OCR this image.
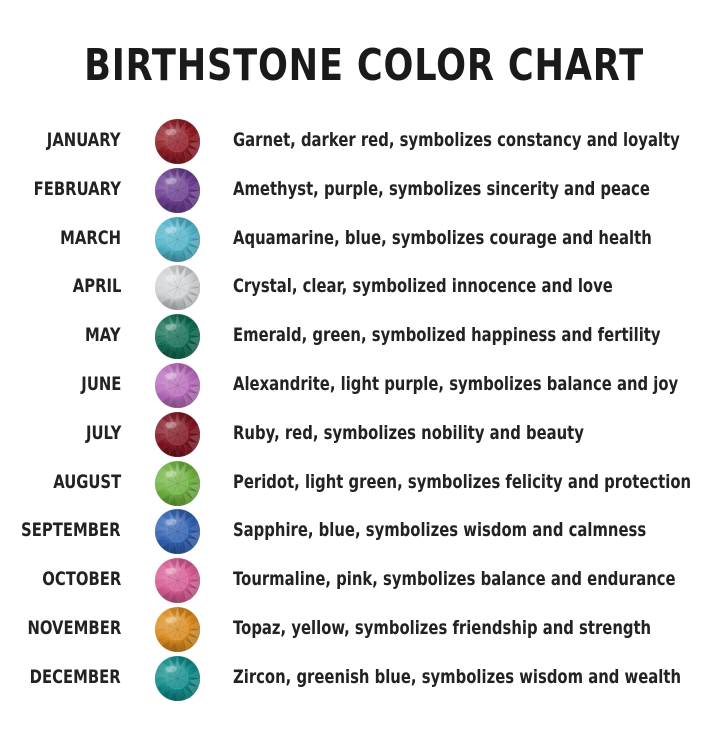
BIRTHSTONE COLOR CHART
JANUARY	Garnet, darker red, symbolizes constancy and loyalty
FEBRUARY	Amethyst, purple, symbolizes sincerity and peace
MARCH	Aquamarine, blue, symbolizes courage and health
APRIL	Crystal, clear, symbolized innocence and love
MAY	Emerald, green, symbolized happiness and fertility
JUNE	Alexandrite, light purple, symbolizes balance and joy
JULY	Ruby, red, symbolizes nobility and beauty
AUGUST	Peridot, light green, symbolizes felicity and protection
SEPTEMBER	Sapphire, blue, symbolizes wisdom and calmness
OCTOBER	Tourmaline, pink, symbolizes balance and endurance
NOVEMBER	Topaz, yellow, symbolizes friendship and strength
DECEMBER	Zircon, greenish blue, symbolizes wisdom and wealth
